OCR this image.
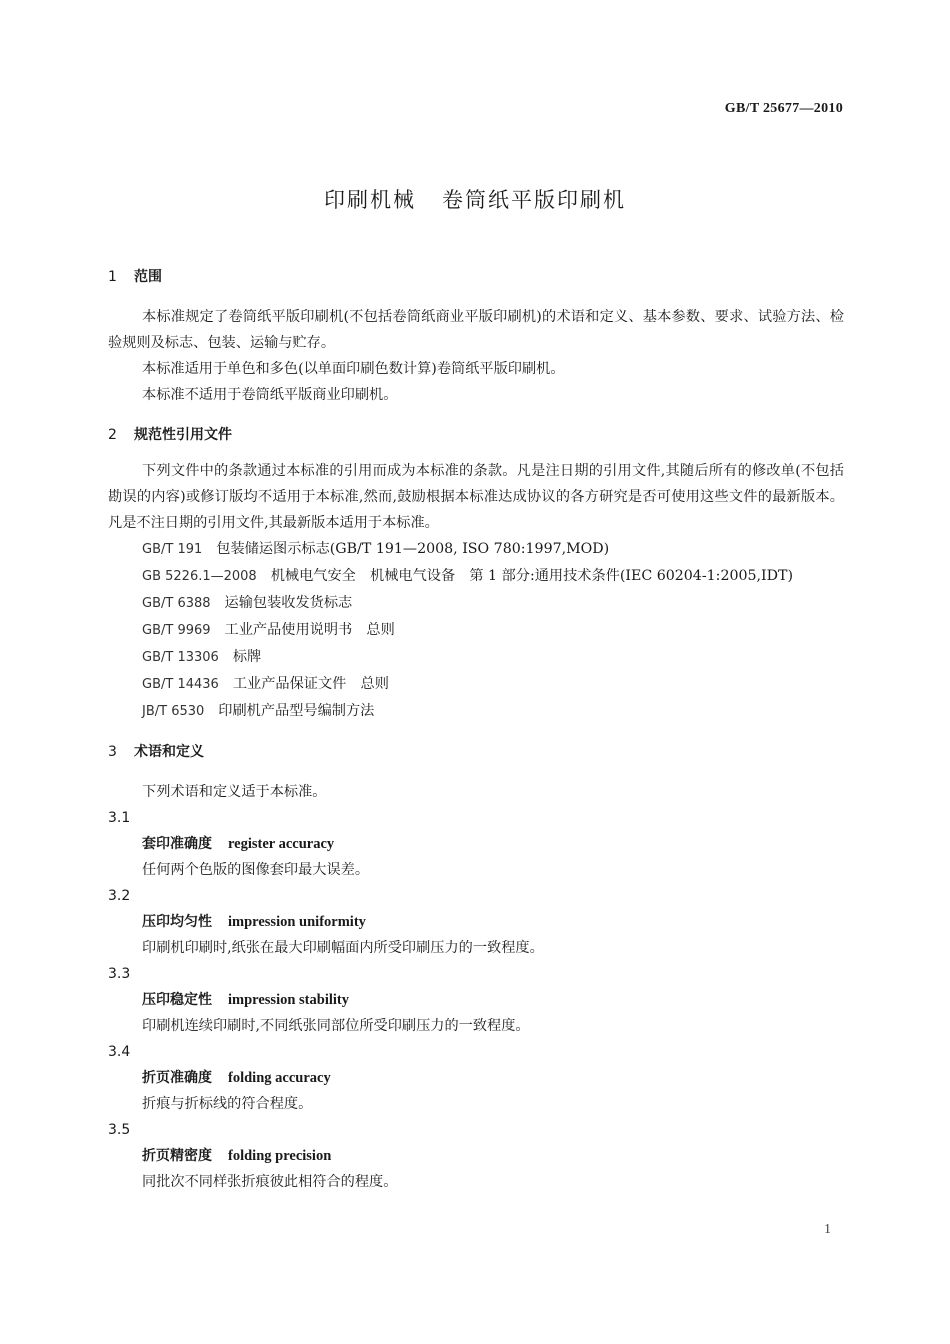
GB/T 25677—2010
印刷机械 卷筒纸平版印刷机

1 范围

本标准规定了卷筒纸平版印刷机(不包括卷筒纸商业平版印刷机)的术语和定义、基本参数、要求、试验方法、检验规则及标志、包装、运输与贮存。

本标准适用于单色和多色(以单面印刷色数计算)卷筒纸平版印刷机。

本标准不适用于卷筒纸平版商业印刷机。

2 规范性引用文件

下列文件中的条款通过本标准的引用而成为本标准的条款。凡是注日期的引用文件,其随后所有的修改单(不包括勘误的内容)或修订版均不适用于本标准,然而,鼓励根据本标准达成协议的各方研究是否可使用这些文件的最新版本。凡是不注日期的引用文件,其最新版本适用于本标准。

GB/T 191 包装储运图示标志(GB/T 191—2008, ISO 780:1997,MOD)

GB 5226.1—2008 机械电气安全　机械电气设备　第 1 部分:通用技术条件(IEC 60204-1:2005,IDT)

GB/T 6388 运输包装收发货标志

GB/T 9969 工业产品使用说明书　总则

GB/T 13306 标牌

GB/T 14436 工业产品保证文件　总则

JB/T 6530 印刷机产品型号编制方法

3 术语和定义

下列术语和定义适于本标准。

3.1

套印准确度 register accuracy

任何两个色版的图像套印最大误差。

3.2

压印均匀性 impression uniformity

印刷机印刷时,纸张在最大印刷幅面内所受印刷压力的一致程度。

3.3

压印稳定性 impression stability

印刷机连续印刷时,不同纸张同部位所受印刷压力的一致程度。

3.4

折页准确度 folding accuracy

折痕与折标线的符合程度。

3.5

折页精密度 folding precision

同批次不同样张折痕彼此相符合的程度。

1
